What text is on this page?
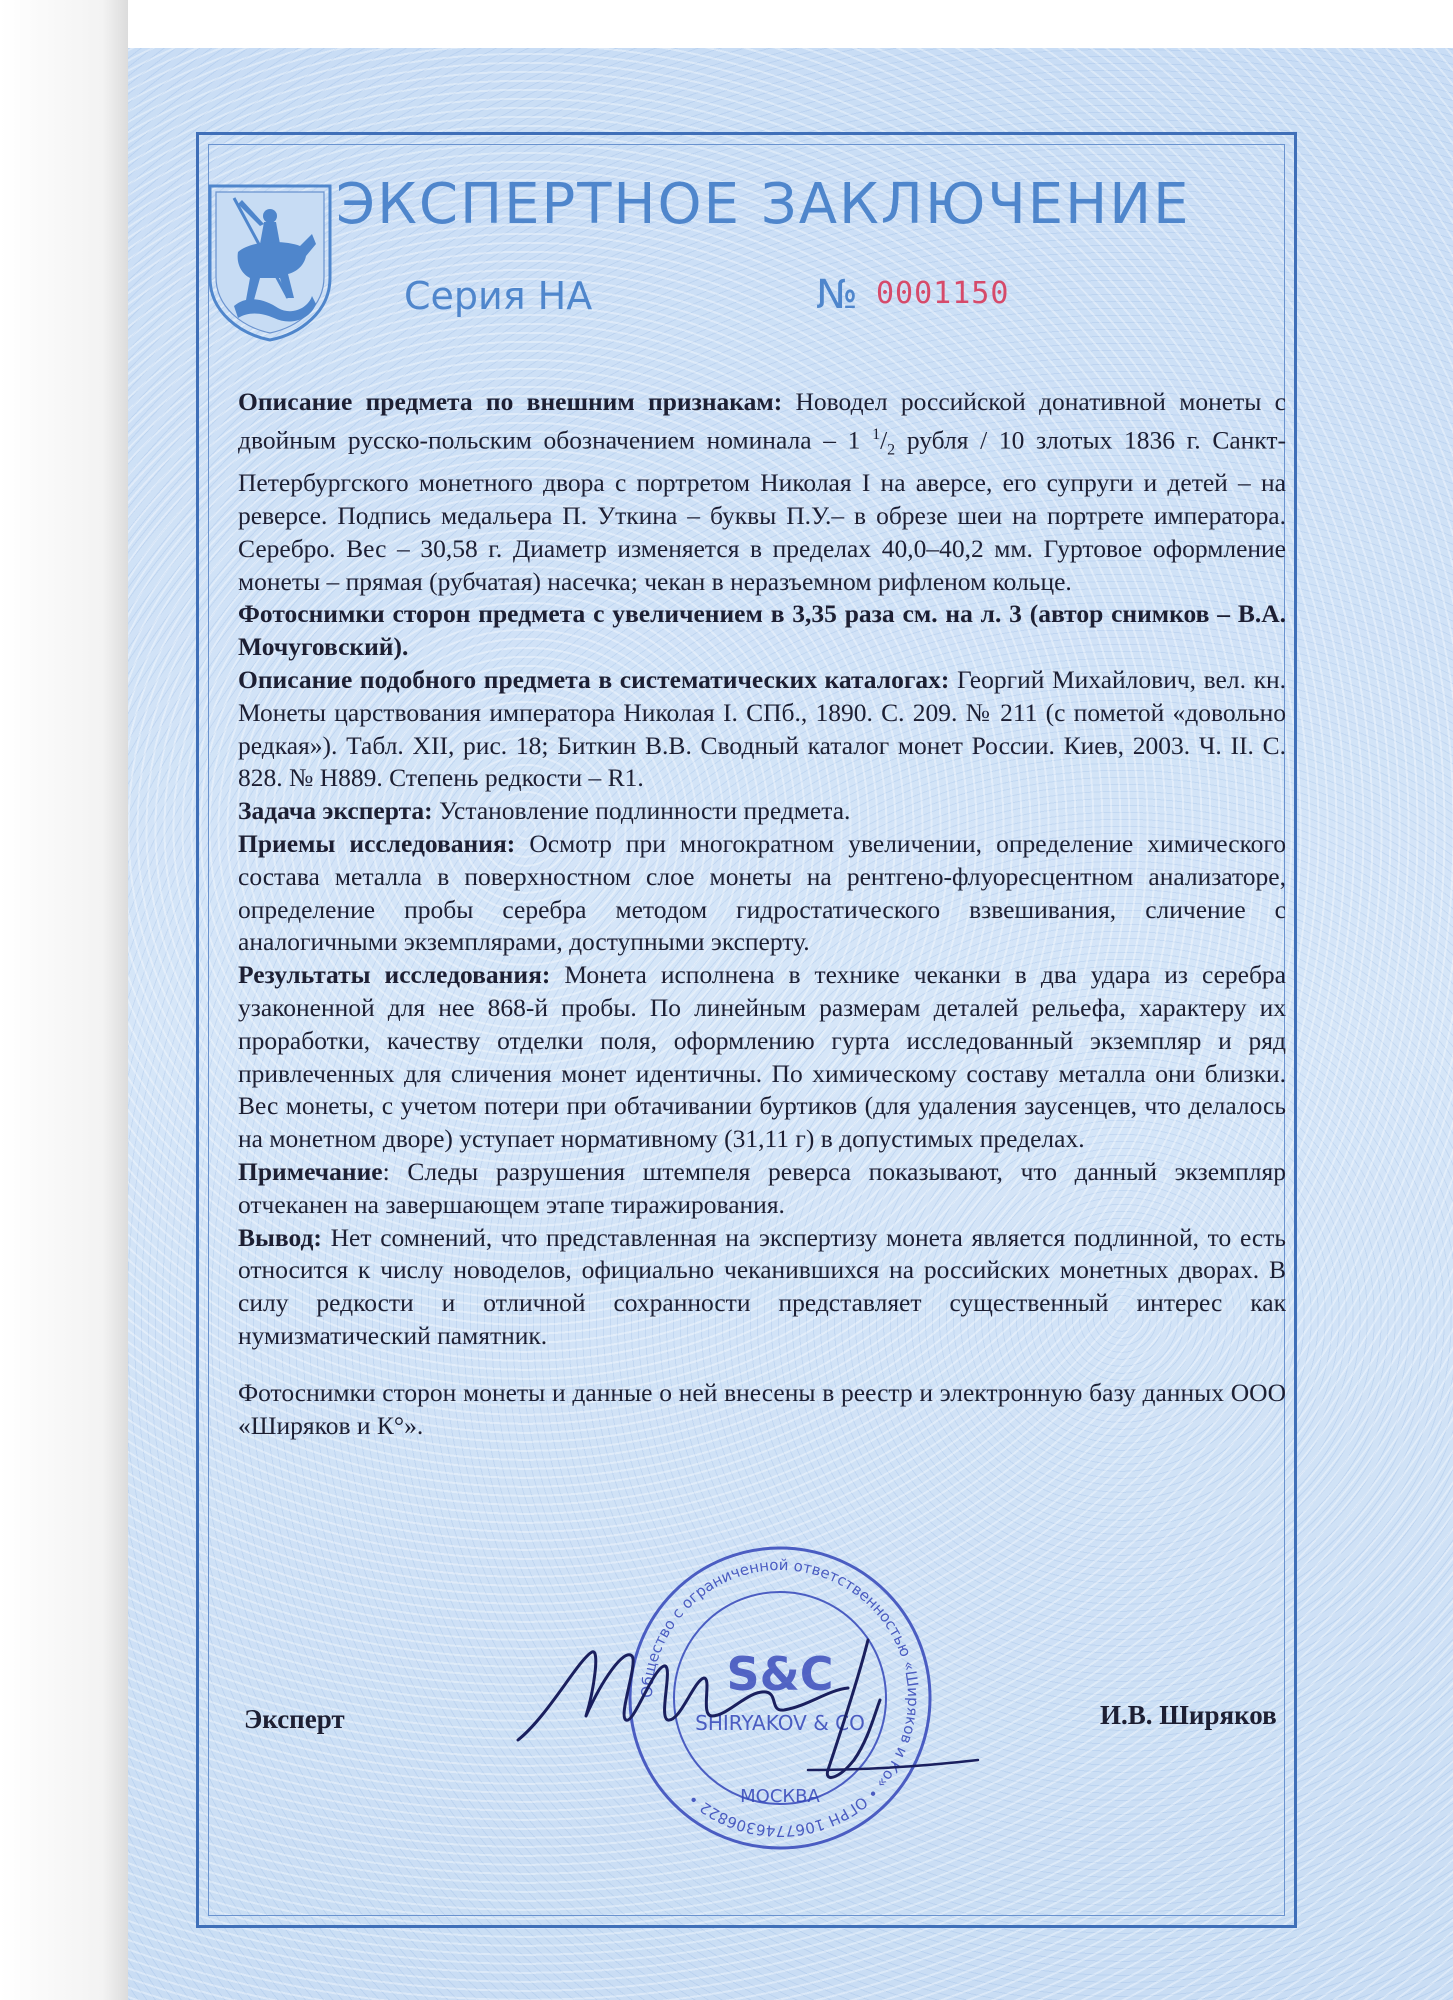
ЭКСПЕРТНОЕ ЗАКЛЮЧЕНИЕ
Серия НА	№ 0001150

Описание предмета по внешним признакам: Новодел российской донативной монеты с двойным русско-польским обозначением номинала – 1 $^1/_2$ рубля / 10 злотых 1836 г. Санкт-Петербургского монетного двора с портретом Николая I на аверсе, его супруги и детей – на реверсе. Подпись медальера П. Уткина – буквы П.У.– в обрезе шеи на портрете императора. Серебро. Вес – 30,58 г. Диаметр изменяется в пределах 40,0–40,2 мм. Гуртовое оформление монеты – прямая (рубчатая) насечка; чекан в неразъемном рифленом кольце.

Фотоснимки сторон предмета с увеличением в 3,35 раза см. на л. 3 (автор снимков – В.А. Мочуговский).

Описание подобного предмета в систематических каталогах: Георгий Михайлович, вел. кн. Монеты царствования императора Николая I. СПб., 1890. С. 209. № 211 (с пометой «довольно редкая»). Табл. XII, рис. 18; Биткин В.В. Сводный каталог монет России. Киев, 2003. Ч. II. С. 828. № Н889. Степень редкости – R1.

Задача эксперта: Установление подлинности предмета.

Приемы исследования: Осмотр при многократном увеличении, определение химического состава металла в поверхностном слое монеты на рентгено-флуоресцентном анализаторе, определение пробы серебра методом гидростатического взвешивания, сличение с аналогичными экземплярами, доступными эксперту.

Результаты исследования: Монета исполнена в технике чеканки в два удара из серебра узаконенной для нее 868-й пробы. По линейным размерам деталей рельефа, характеру их проработки, качеству отделки поля, оформлению гурта исследованный экземпляр и ряд привлеченных для сличения монет идентичны. По химическому составу металла они близки. Вес монеты, с учетом потери при обтачивании буртиков (для удаления заусенцев, что делалось на монетном дворе) уступает нормативному (31,11 г) в допустимых пределах.

Примечание: Следы разрушения штемпеля реверса показывают, что данный экземпляр отчеканен на завершающем этапе тиражирования.

Вывод: Нет сомнений, что представленная на экспертизу монета является подлинной, то есть относится к числу новоделов, официально чеканившихся на российских монетных дворах. В силу редкости и отличной сохранности представляет существенный интерес как нумизматический памятник.

Фотоснимки сторон монеты и данные о ней внесены в реестр и электронную базу данных ООО «Ширяков и К°».

Эксперт	И.В. Ширяков
Общество с ограниченной ответственностью «Ширяков и Ко» • ОГРН 1067746306822 •	МОСКВА
S&C
SHIRYAKOV & CO
